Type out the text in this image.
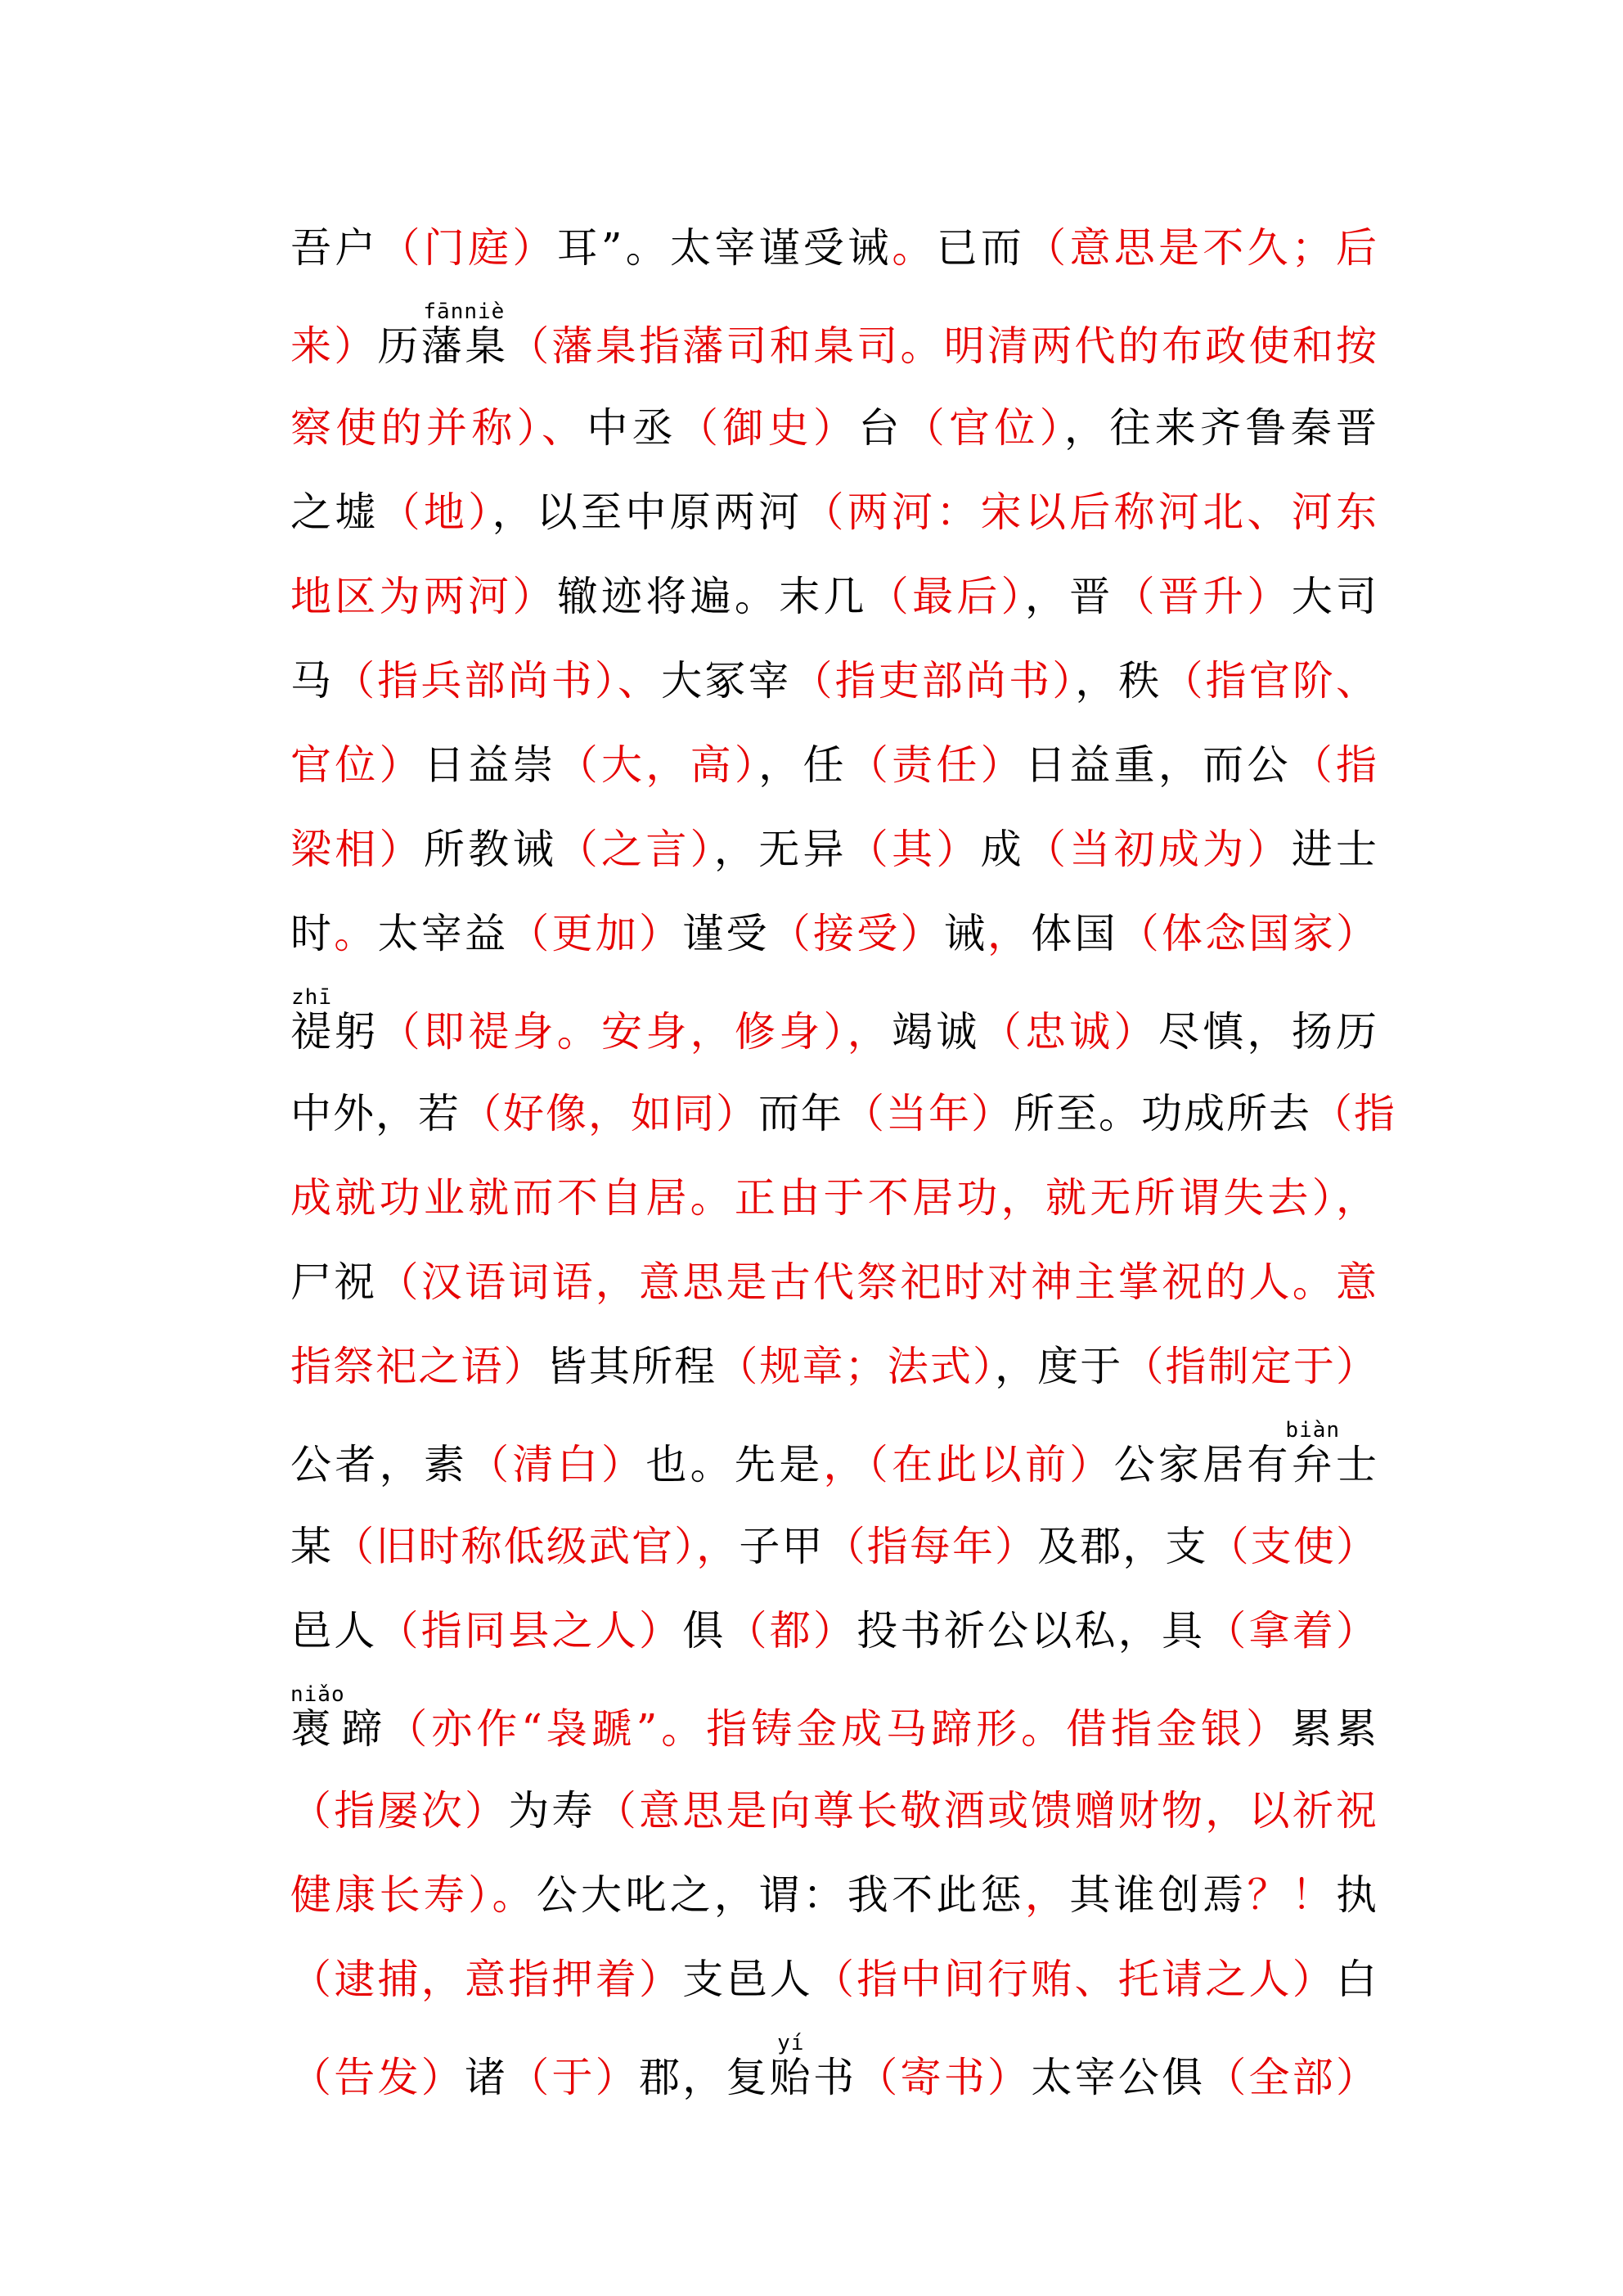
吾户（门庭）耳”。太宰谨受诫。已而（意思是不久；后
来）历藩臬fānniè（藩臬指藩司和臬司。明清两代的布政使和按
察使的并称）、中丞（御史）台（官位），往来齐鲁秦晋
之墟（地），以至中原两河（两河：宋以后称河北、河东
地区为两河）辙迹将遍。末几（最后），晋（晋升）大司
马（指兵部尚书）、大冢宰（指吏部尚书），秩（指官阶、
官位）日益崇（大，高），任（责任）日益重，而公（指
梁相）所教诫（之言），无异（其）成（当初成为）进士
时。太宰益（更加）谨受（接受）诫，体国（体念国家）
禔zhī躬（即禔身。安身，修身），竭诚（忠诚）尽慎，扬历
中外，若（好像，如同）而年（当年）所至。功成所去（指
成就功业就而不自居。正由于不居功，就无所谓失去），
尸祝（汉语词语，意思是古代祭祀时对神主掌祝的人。意
指祭祀之语）皆其所程（规章；法式），度于（指制定于）
公者，素（清白）也。先是，（在此以前）公家居有弁biàn士
某（旧时称低级武官），子甲（指每年）及郡，支（支使）
邑人（指同县之人）俱（都）投书祈公以私，具（拿着）
褭niǎo蹄（亦作“袅蹏”。指铸金成马蹄形。借指金银）累累
（指屡次）为寿（意思是向尊长敬酒或馈赠财物，以祈祝
健康长寿）。公大叱之，谓：我不此惩，其谁创焉？！执
（逮捕，意指押着）支邑人（指中间行贿、托请之人）白
（告发）诸（于）郡，复贻yí书（寄书）太宰公俱（全部）
